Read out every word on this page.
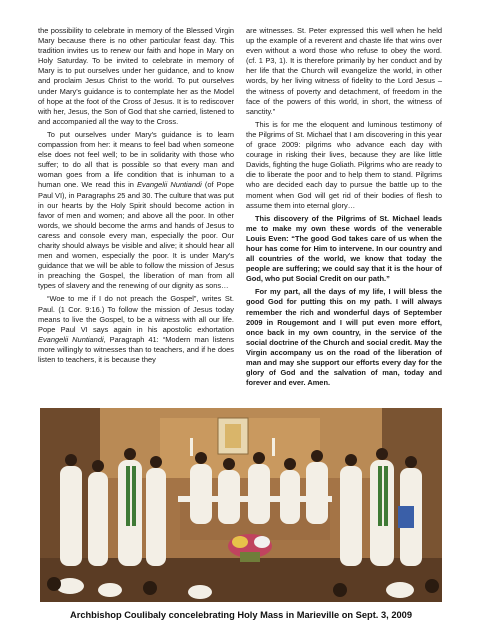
the possibility to celebrate in memory of the Blessed Virgin Mary because there is no other particular feast day. This tradition invites us to renew our faith and hope in Mary on Holy Saturday. To be invited to celebrate in memory of Mary is to put ourselves under her guidance, and to know and proclaim Jesus Christ to the world. To put ourselves under Mary's guidance is to contemplate her as the Model of hope at the foot of the Cross of Jesus. It is to rediscover with her, Jesus, the Son of God that she carried, listened to and accompanied all the way to the Cross.

To put ourselves under Mary's guidance is to learn compassion from her: it means to feel bad when someone else does not feel well; to be in solidarity with those who suffer; to do all that is possible so that every man and woman goes from a life condition that is inhuman to a human one. We read this in Evangelii Nuntiandi (of Pope Paul VI), in Paragraphs 25 and 30. The culture that was put in our hearts by the Holy Spirit should become action in favor of men and women; and above all the poor. In other words, we should become the arms and hands of Jesus to caress and console every man, especially the poor. Our charity should always be visible and alive; it should hear all men and women, especially the poor. It is under Mary's guidance that we will be able to follow the mission of Jesus in preaching the Gospel, the liberation of man from all types of slavery and the renewing of our dignity as sons…

“Woe to me if I do not preach the Gospel”, writes St. Paul. (1 Cor. 9:16.) To follow the mission of Jesus today means to live the Gospel, to be a witness with all our life. Pope Paul VI says again in his apostolic exhortation Evangelii Nuntiandi, Paragraph 41: “Modern man listens more willingly to witnesses than to teachers, and if he does listen to teachers, it is because they

are witnesses. St. Peter expressed this well when he held up the example of a reverent and chaste life that wins over even without a word those who refuse to obey the word. (cf. 1 P3, 1). It is therefore primarily by her conduct and by her life that the Church will evangelize the world, in other words, by her living witness of fidelity to the Lord Jesus – the witness of poverty and detachment, of freedom in the face of the powers of this world, in short, the witness of sanctity.”

This is for me the eloquent and luminous testimony of the Pilgrims of St. Michael that I am discovering in this year of grace 2009: pilgrims who advance each day with courage in risking their lives, because they are like little Davids, fighting the huge Goliath. Pilgrims who are ready to die to liberate the poor and to help them to stand. Pilgrims who are decided each day to pursue the battle up to the moment when God will get rid of their bodies of flesh to assume them into eternal glory…

This discovery of the Pilgrims of St. Michael leads me to make my own these words of the venerable Louis Even: “The good God takes care of us when the hour has come for Him to intervene. In our country and all countries of the world, we know that today the people are suffering; we could say that it is the hour of God, who put Social Credit on our path.”

For my part, all the days of my life, I will bless the good God for putting this on my path. I will always remember the rich and wonderful days of September 2009 in Rougemont and I will put even more effort, once back in my own country, in the service of the social doctrine of the Church and social credit. May the Virgin accompany us on the road of the liberation of man and may she support our efforts every day for the glory of God and the salvation of man, today and forever and ever. Amen.

Archbishop Coulibaly concelebrating Holy Mass in Marieville on Sept. 3, 2009
